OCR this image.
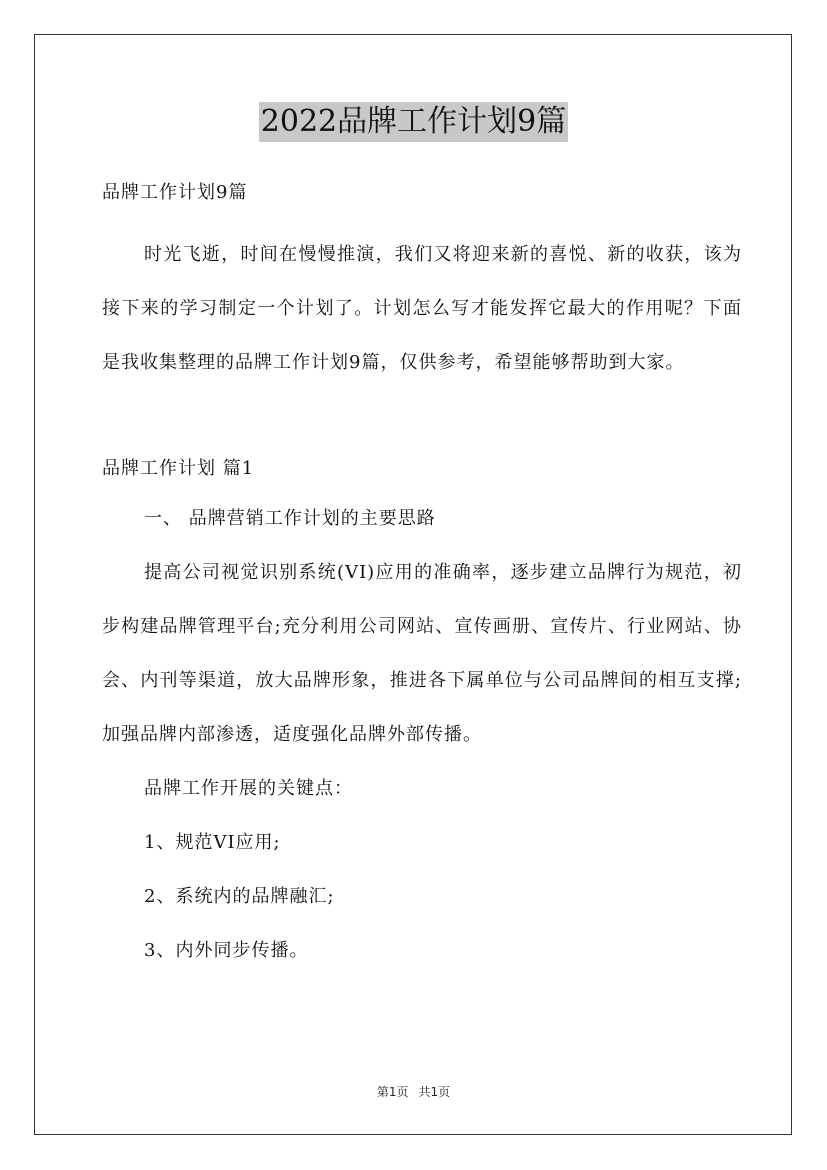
2022品牌工作计划9篇
品牌工作计划9篇

时光飞逝，时间在慢慢推演，我们又将迎来新的喜悦、新的收获，该为接下来的学习制定一个计划了。计划怎么写才能发挥它最大的作用呢？下面是我收集整理的品牌工作计划9篇，仅供参考，希望能够帮助到大家。

品牌工作计划 篇1
一、 品牌营销工作计划的主要思路

提高公司视觉识别系统(VI)应用的准确率，逐步建立品牌行为规范，初步构建品牌管理平台;充分利用公司网站、宣传画册、宣传片、行业网站、协会、内刊等渠道，放大品牌形象，推进各下属单位与公司品牌间的相互支撑;加强品牌内部渗透，适度强化品牌外部传播。

品牌工作开展的关键点：
1、规范VI应用;
2、系统内的品牌融汇;
3、内外同步传播。
第1页 共1页
